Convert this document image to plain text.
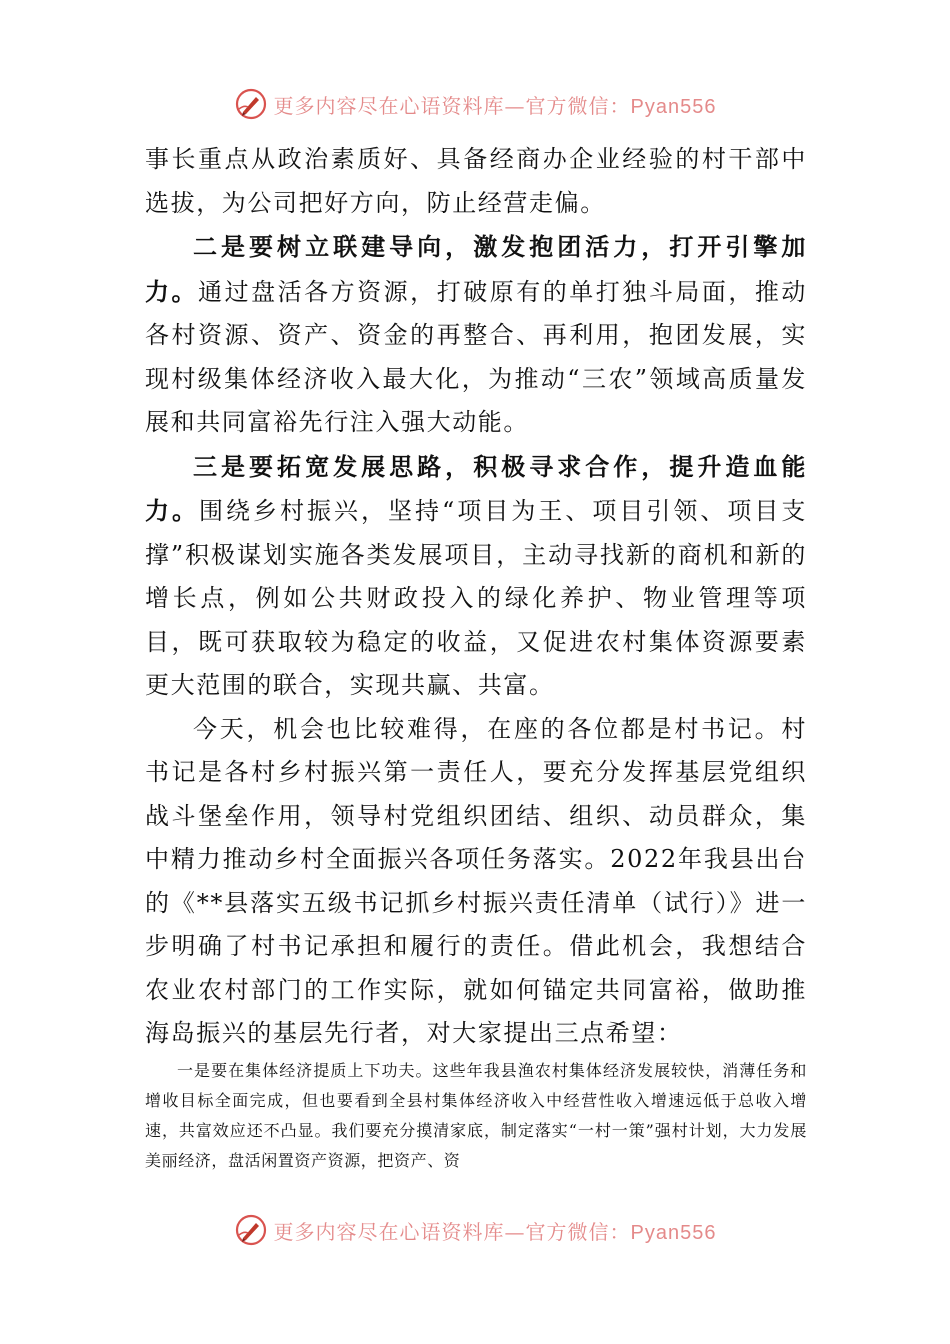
更多内容尽在心语资料库—官方微信：Pyan556

事长重点从政治素质好、具备经商办企业经验的村干部中选拔，为公司把好方向，防止经营走偏。

二是要树立联建导向，激发抱团活力，打开引擎加力。通过盘活各方资源，打破原有的单打独斗局面，推动各村资源、资产、资金的再整合、再利用，抱团发展，实现村级集体经济收入最大化，为推动“三农”领域高质量发展和共同富裕先行注入强大动能。

三是要拓宽发展思路，积极寻求合作，提升造血能力。围绕乡村振兴，坚持“项目为王、项目引领、项目支撑”积极谋划实施各类发展项目，主动寻找新的商机和新的增长点，例如公共财政投入的绿化养护、物业管理等项目，既可获取较为稳定的收益，又促进农村集体资源要素更大范围的联合，实现共赢、共富。

今天，机会也比较难得，在座的各位都是村书记。村书记是各村乡村振兴第一责任人，要充分发挥基层党组织战斗堡垒作用，领导村党组织团结、组织、动员群众，集中精力推动乡村全面振兴各项任务落实。2022年我县出台的《**县落实五级书记抓乡村振兴责任清单（试行）》进一步明确了村书记承担和履行的责任。借此机会，我想结合农业农村部门的工作实际，就如何锚定共同富裕，做助推海岛振兴的基层先行者，对大家提出三点希望：

一是要在集体经济提质上下功夫。这些年我县渔农村集体经济发展较快，消薄任务和增收目标全面完成，但也要看到全县村集体经济收入中经营性收入增速远低于总收入增速，共富效应还不凸显。我们要充分摸清家底，制定落实“一村一策”强村计划，大力发展美丽经济，盘活闲置资产资源，把资产、资

更多内容尽在心语资料库—官方微信：Pyan556
